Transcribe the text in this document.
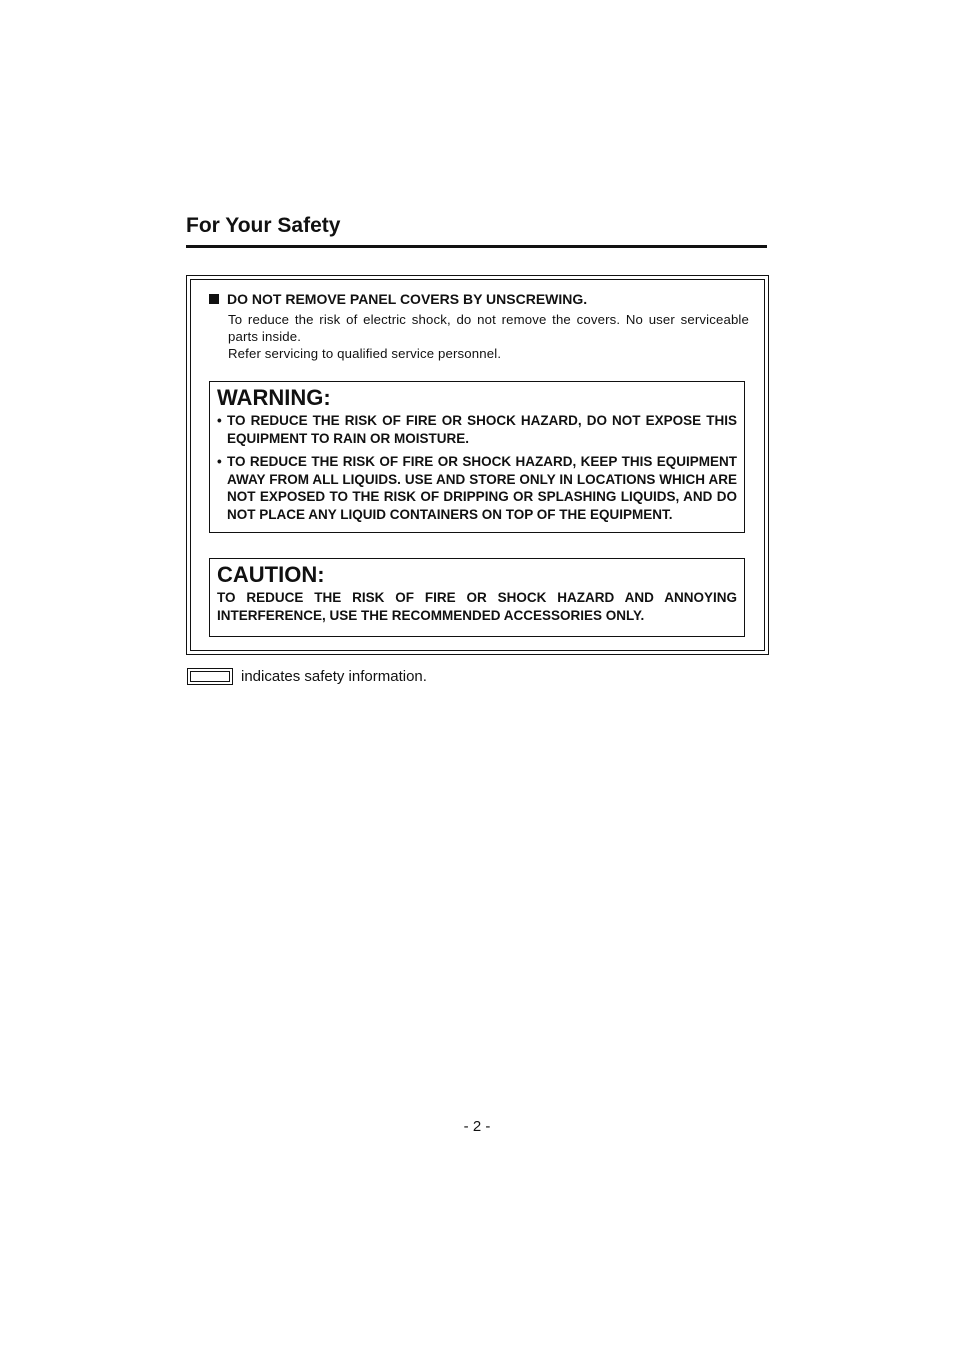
For Your Safety
DO NOT REMOVE PANEL COVERS BY UNSCREWING.

To reduce the risk of electric shock, do not remove the covers. No user serviceable parts inside.

Refer servicing to qualified service personnel.

WARNING:
• TO REDUCE THE RISK OF FIRE OR SHOCK HAZARD, DO NOT EXPOSE THIS EQUIPMENT TO RAIN OR MOISTURE.
• TO REDUCE THE RISK OF FIRE OR SHOCK HAZARD, KEEP THIS EQUIPMENT AWAY FROM ALL LIQUIDS. USE AND STORE ONLY IN LOCATIONS WHICH ARE NOT EXPOSED TO THE RISK OF DRIPPING OR SPLASHING LIQUIDS, AND DO NOT PLACE ANY LIQUID CONTAINERS ON TOP OF THE EQUIPMENT.
CAUTION:
TO REDUCE THE RISK OF FIRE OR SHOCK HAZARD AND ANNOYING INTERFERENCE, USE THE RECOMMENDED ACCESSORIES ONLY.
indicates safety information.
- 2 -
